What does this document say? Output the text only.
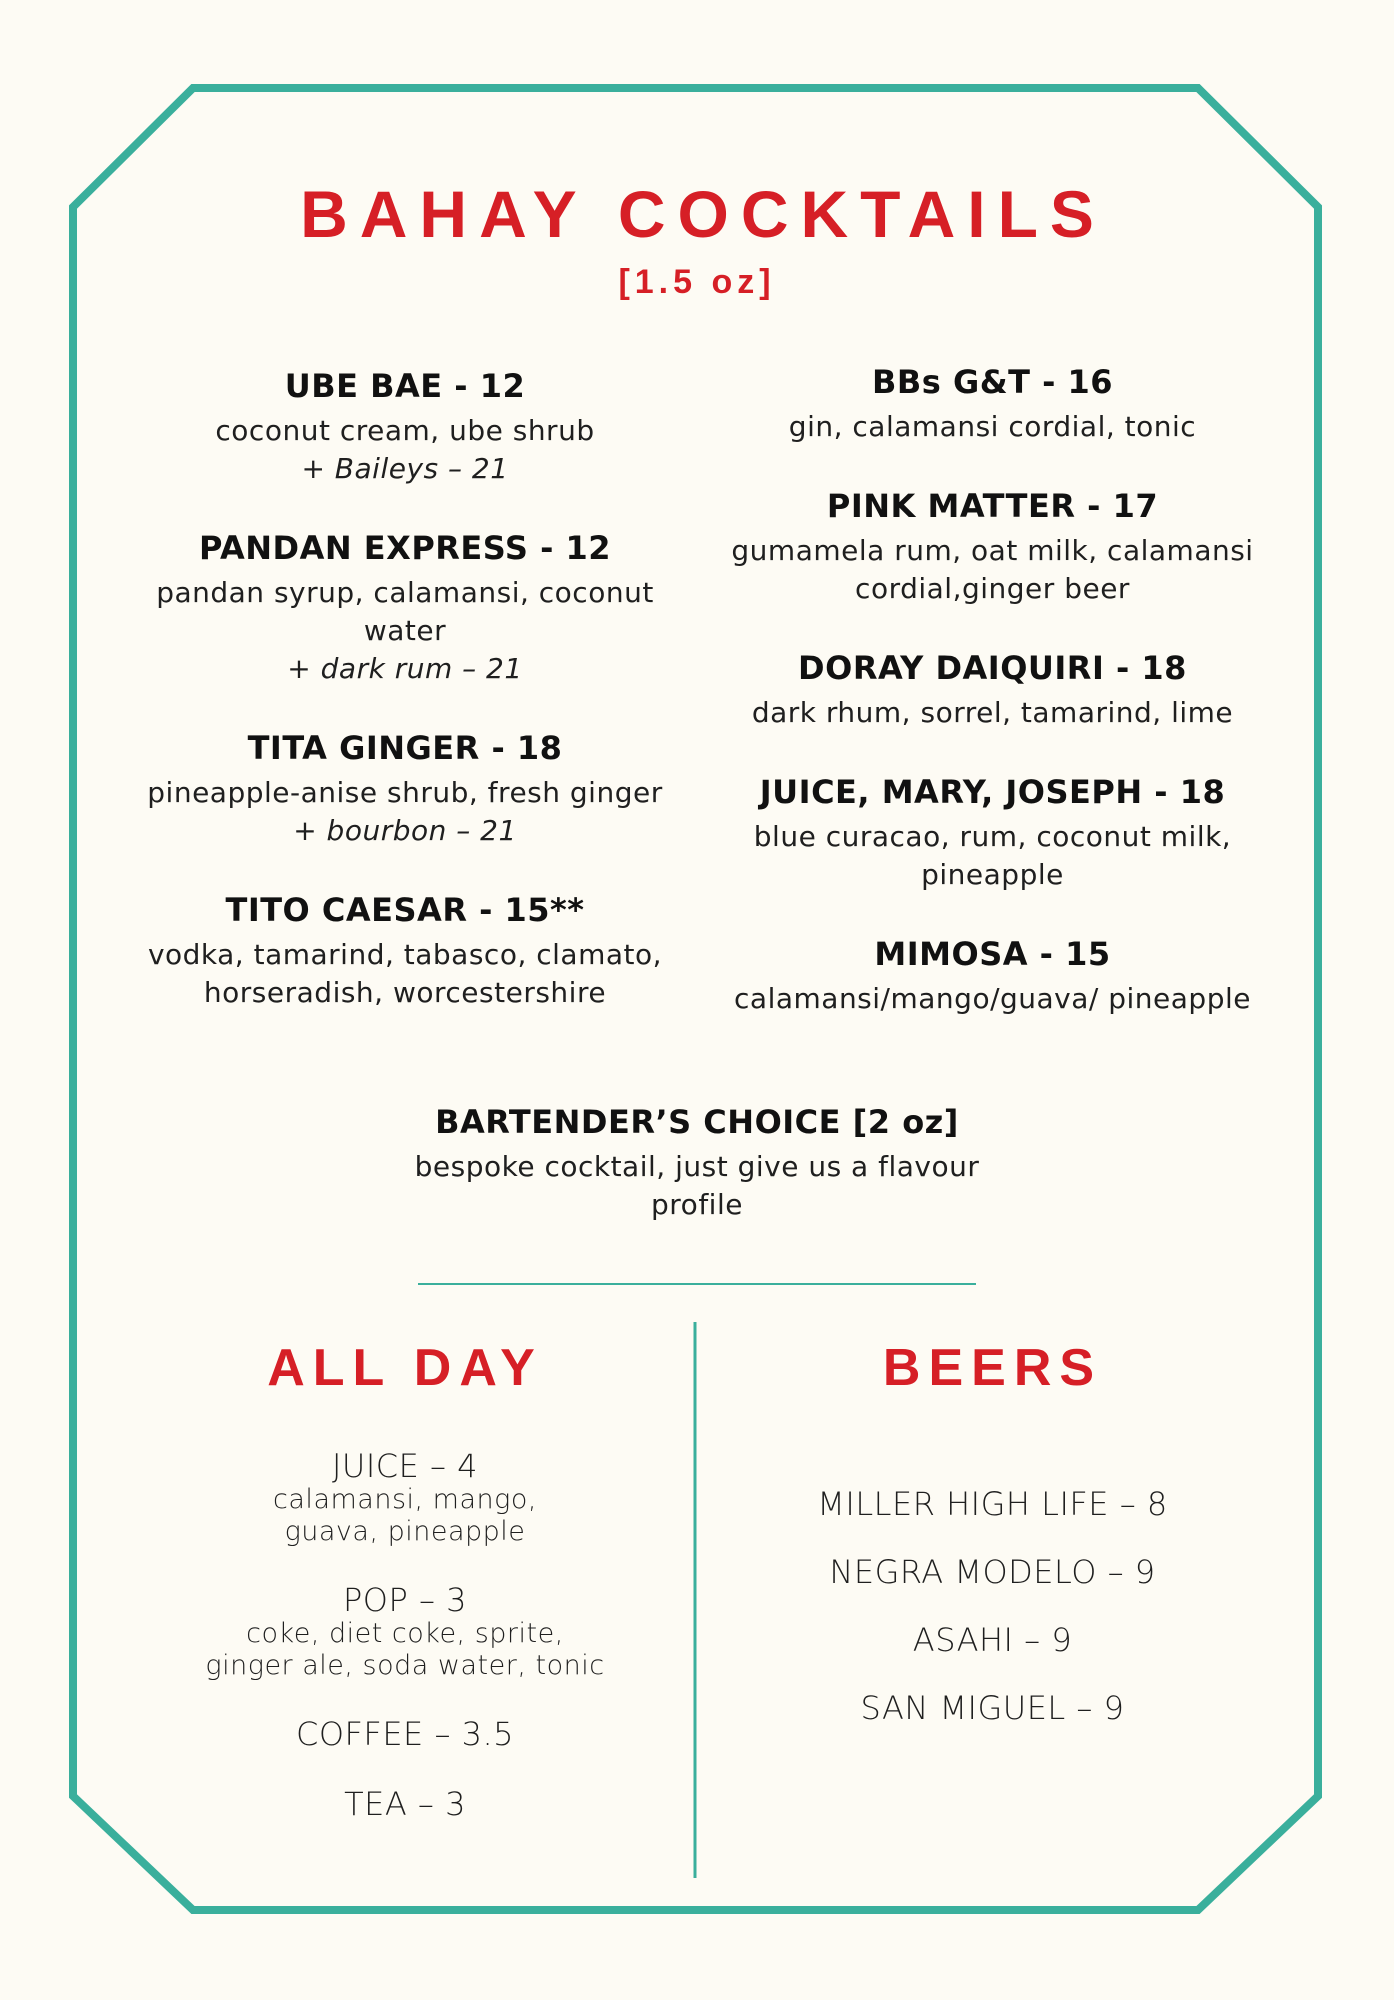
BAHAY COCKTAILS
[1.5 oz]
UBE BAE - 12
coconut cream, ube shrub
+ Baileys – 21
PANDAN EXPRESS - 12
pandan syrup, calamansi, coconut
water
+ dark rum – 21
TITA GINGER - 18
pineapple-anise shrub, fresh ginger
+ bourbon – 21
TITO CAESAR - 15**
vodka, tamarind, tabasco, clamato,
horseradish, worcestershire
BBs G&T - 16
gin, calamansi cordial, tonic
PINK MATTER - 17
gumamela rum, oat milk, calamansi
cordial,ginger beer
DORAY DAIQUIRI - 18
dark rhum, sorrel, tamarind, lime
JUICE, MARY, JOSEPH - 18
blue curacao, rum, coconut milk,
pineapple
MIMOSA - 15
calamansi/mango/guava/ pineapple
BARTENDER’S CHOICE [2 oz]
bespoke cocktail, just give us a flavour
profile
ALL DAY
JUICE – 4
calamansi, mango,
guava, pineapple
POP – 3
coke, diet coke, sprite,
ginger ale, soda water, tonic
COFFEE – 3.5
TEA – 3
BEERS
MILLER HIGH LIFE – 8
NEGRA MODELO – 9
ASAHI – 9
SAN MIGUEL – 9
